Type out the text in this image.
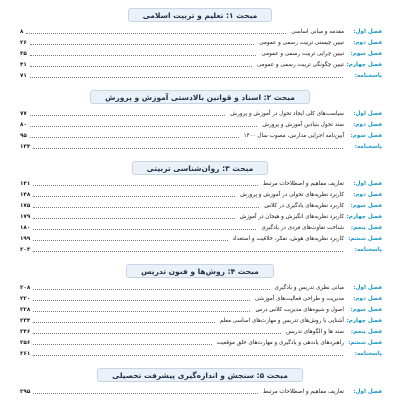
مبحث ۱: تعلیم و تربیت اسلامی
فصل اول:
مقدمه و مبانی اساسی
۸
فصل دوم:
تبیین چیستی تربیت رسمی و عمومی
۲۶
فصل سوم:
تبیین چرایی تربیت رسمی و عمومی
۳۵
فصل چهارم:
تبیین چگونگی تربیت رسمی و عمومی
۴۱
پاسخنامه:
۷۱
مبحث ۲: اسناد و قوانین بالادستی آموزش و پرورش
فصل اول:
سیاست‌های کلی ایجاد تحول در آموزش و پرورش
۷۷
فصل دوم:
سند تحول بنیادین آموزش و پرورش
۸۰
فصل سوم:
آیین‌نامه اجرایی مدارس، مصوب سال ۱۴۰۰
۹۵
پاسخنامه:
۱۳۴
مبحث ۳: روان‌شناسی تربیتی
فصل اول:
تعاریف مفاهیم و اصطلاحات مرتبط
۱۴۱
فصل دوم:
کاربرد نظریه‌های تحولی در آموزش و پرورش
۱۴۸
فصل سوم:
کاربرد نظریه‌های یادگیری در کلاس
۱۷۵
فصل چهارم:
کاربرد نظریه‌های انگیزش و هیجان در آموزش
۱۷۹
فصل پنجم:
شناخت تفاوت‌های فردی در یادگیری
۱۸۰
فصل ششم:
کاربرد نظریه‌های هوش، تفکر، خلاقیت و استعداد
۱۹۹
پاسخنامه:
۲۰۳
مبحث ۴: روش‌ها و فنون تدریس
فصل اول:
مبانی نظری تدریس و یادگیری
۲۰۸
فصل دوم:
مدیریت و طراحی فعالیت‌های آموزشی
۲۲۰
فصل سوم:
اصول و شیوه‌های مدیریت کلاس درس
۲۲۸
فصل چهارم:
آشنایی با روش‌های تدریس و مهارت‌های اساسی معلم
۲۳۴
فصل پنجم:
سند ها و الگوهای تدریس
۲۴۶
فصل ششم:
راهبردهای یاددهی و یادگیری و مهارت‌های خلق موقعیت
۲۵۶
پاسخنامه:
۲۶۱
مبحث ۵: سنجش و اندازه‌گیری پیشرفت تحصیلی
فصل اول:
تعاریف مفاهیم و اصطلاحات مرتبط
۲۹۵
